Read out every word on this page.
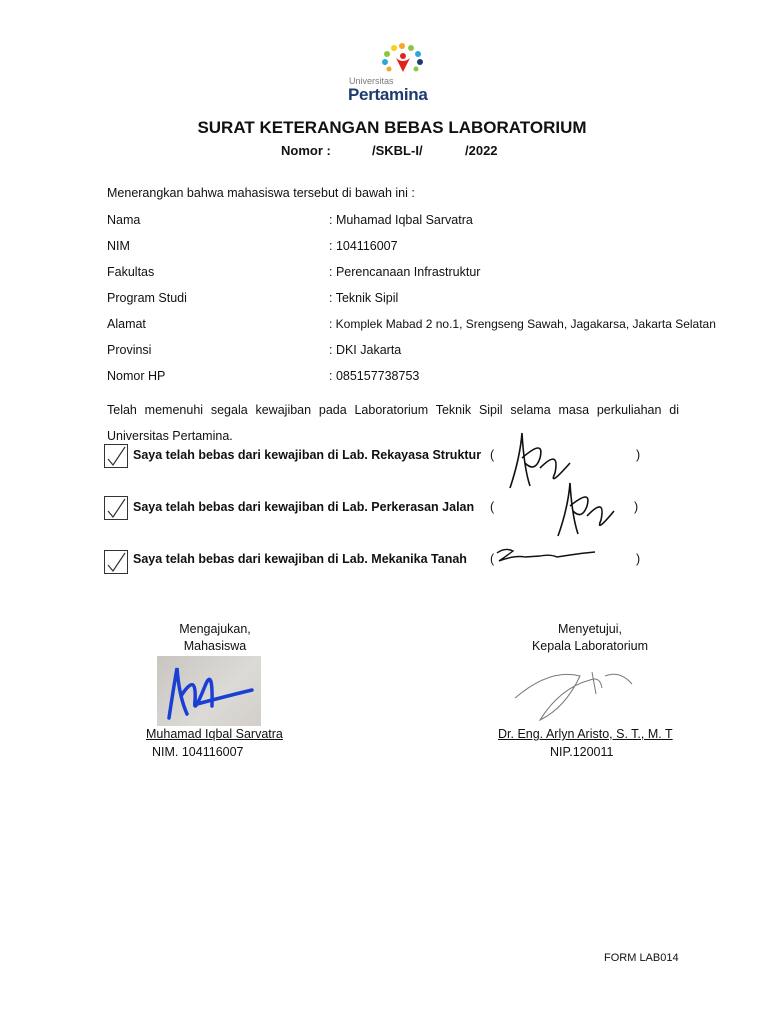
Universitas
Pertamina
SURAT KETERANGAN BEBAS LABORATORIUM
Nomor :	/SKBL-I/	/2022
Menerangkan bahwa mahasiswa tersebut di bawah ini :
Nama	: Muhamad Iqbal Sarvatra
NIM	: 104116007
Fakultas	: Perencanaan Infrastruktur
Program Studi	: Teknik Sipil
Alamat	: Komplek Mabad 2 no.1, Srengseng Sawah, Jagakarsa, Jakarta Selatan
Provinsi	: DKI Jakarta
Nomor HP	: 085157738753
Telah memenuhi segala kewajiban pada Laboratorium Teknik Sipil selama masa perkuliahan di Universitas Pertamina.
Saya telah bebas dari kewajiban di Lab. Rekayasa Struktur (	)
Saya telah bebas dari kewajiban di Lab. Perkerasan Jalan (	)
Saya telah bebas dari kewajiban di Lab. Mekanika Tanah (	)
Mengajukan,
Mahasiswa
Muhamad Iqbal Sarvatra
NIM. 104116007
Menyetujui,
Kepala Laboratorium
Dr. Eng. Arlyn Aristo, S. T., M. T
NIP.120011
FORM LAB014
